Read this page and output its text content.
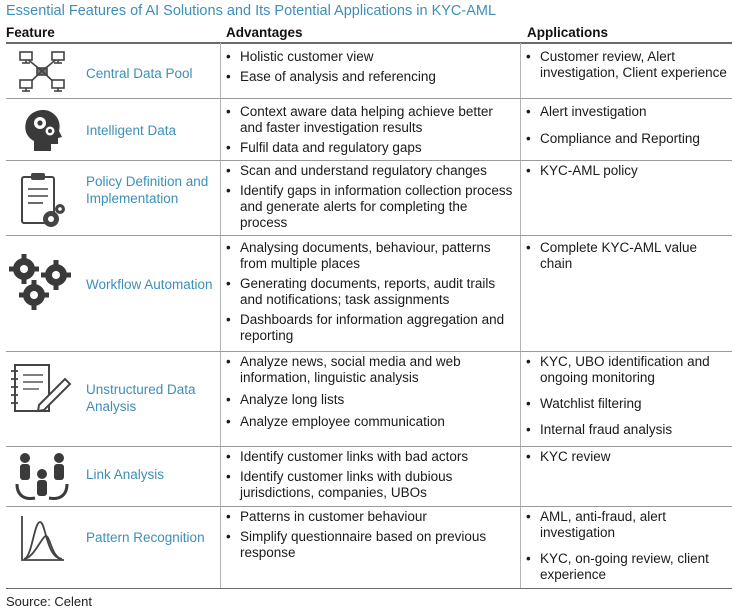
Essential Features of AI Solutions and Its Potential Applications in KYC-AML
Feature	Advantages	Applications
Central Data Pool
• Holistic customer view
• Ease of analysis and referencing
• Customer review, Alert investigation, Client experience
Intelligent Data
• Context aware data helping achieve better and faster investigation results
• Fulfil data and regulatory gaps
• Alert investigation
• Compliance and Reporting
Policy Definition and Implementation
• Scan and understand regulatory changes
• Identify gaps in information collection process and generate alerts for completing the process
• KYC-AML policy
Workflow Automation
• Analysing documents, behaviour, patterns from multiple places
• Generating documents, reports, audit trails and notifications; task assignments
• Dashboards for information aggregation and reporting
• Complete KYC-AML value chain
Unstructured Data Analysis
• Analyze news, social media and web information, linguistic analysis
• Analyze long lists
• Analyze employee communication
• KYC, UBO identification and ongoing monitoring
• Watchlist filtering
• Internal fraud analysis
Link Analysis
• Identify customer links with bad actors
• Identify customer links with dubious jurisdictions, companies, UBOs
• KYC review
Pattern Recognition
• Patterns in customer behaviour
• Simplify questionnaire based on previous response
• AML, anti-fraud, alert investigation
• KYC, on-going review, client experience
Source: Celent
